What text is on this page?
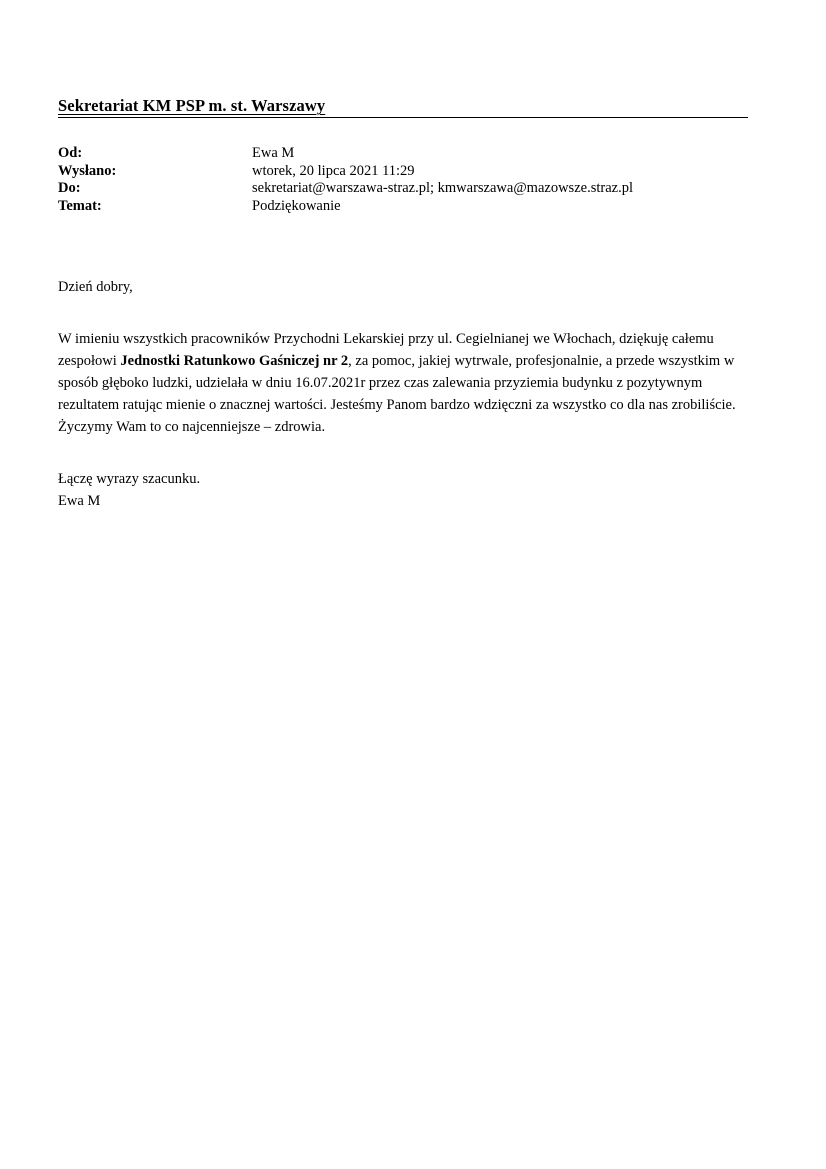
Sekretariat KM PSP m. st. Warszawy
Od:	Ewa M
Wysłano:	wtorek, 20 lipca 2021 11:29
Do:	sekretariat@warszawa-straz.pl; kmwarszawa@mazowsze.straz.pl
Temat:	Podziękowanie

Dzień dobry,

W imieniu wszystkich pracowników Przychodni Lekarskiej przy ul. Cegielnianej we Włochach, dziękuję całemu zespołowi Jednostki Ratunkowo Gaśniczej nr 2, za pomoc, jakiej wytrwale, profesjonalnie, a przede wszystkim w sposób głęboko ludzki, udzielała w dniu 16.07.2021r przez czas zalewania przyziemia budynku z pozytywnym rezultatem ratując mienie o znacznej wartości. Jesteśmy Panom bardzo wdzięczni za wszystko co dla nas zrobiliście. Życzymy Wam to co najcenniejsze – zdrowia.

Łączę wyrazy szacunku.

Ewa M
